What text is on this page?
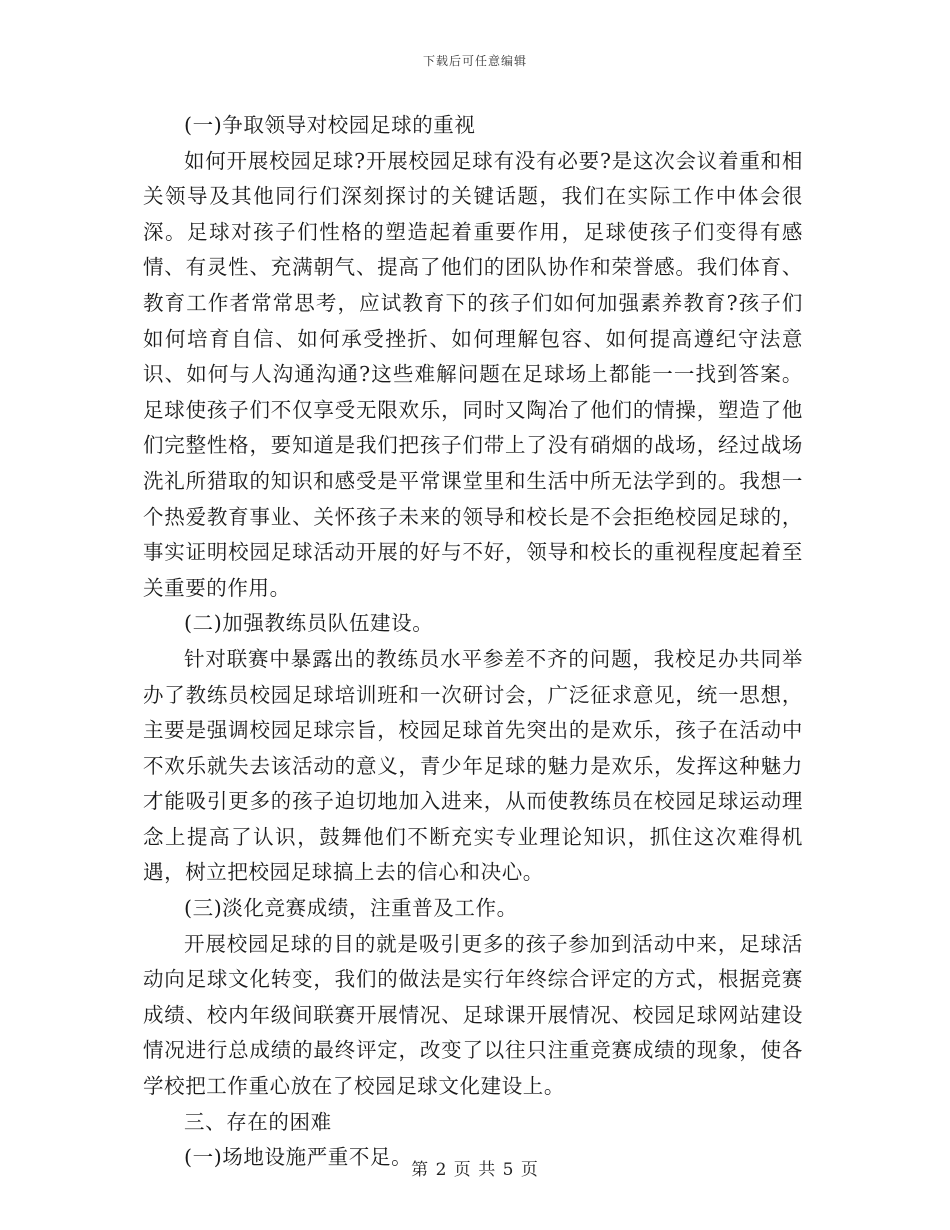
下载后可任意编辑

(一)争取领导对校园足球的重视

如何开展校园足球?开展校园足球有没有必要?是这次会议着重和相关领导及其他同行们深刻探讨的关键话题，我们在实际工作中体会很深。足球对孩子们性格的塑造起着重要作用，足球使孩子们变得有感情、有灵性、充满朝气、提高了他们的团队协作和荣誉感。我们体育、教育工作者常常思考，应试教育下的孩子们如何加强素养教育?孩子们如何培育自信、如何承受挫折、如何理解包容、如何提高遵纪守法意识、如何与人沟通沟通?这些难解问题在足球场上都能一一找到答案。足球使孩子们不仅享受无限欢乐，同时又陶冶了他们的情操，塑造了他们完整性格，要知道是我们把孩子们带上了没有硝烟的战场，经过战场洗礼所猎取的知识和感受是平常课堂里和生活中所无法学到的。我想一个热爱教育事业、关怀孩子未来的领导和校长是不会拒绝校园足球的，事实证明校园足球活动开展的好与不好，领导和校长的重视程度起着至关重要的作用。

(二)加强教练员队伍建设。

针对联赛中暴露出的教练员水平参差不齐的问题，我校足办共同举办了教练员校园足球培训班和一次研讨会，广泛征求意见，统一思想，主要是强调校园足球宗旨，校园足球首先突出的是欢乐，孩子在活动中不欢乐就失去该活动的意义，青少年足球的魅力是欢乐，发挥这种魅力才能吸引更多的孩子迫切地加入进来，从而使教练员在校园足球运动理念上提高了认识，鼓舞他们不断充实专业理论知识，抓住这次难得机遇，树立把校园足球搞上去的信心和决心。

(三)淡化竞赛成绩，注重普及工作。

开展校园足球的目的就是吸引更多的孩子参加到活动中来，足球活动向足球文化转变，我们的做法是实行年终综合评定的方式，根据竞赛成绩、校内年级间联赛开展情况、足球课开展情况、校园足球网站建设情况进行总成绩的最终评定，改变了以往只注重竞赛成绩的现象，使各学校把工作重心放在了校园足球文化建设上。

三、存在的困难

(一)场地设施严重不足。

第 2 页 共 5 页
